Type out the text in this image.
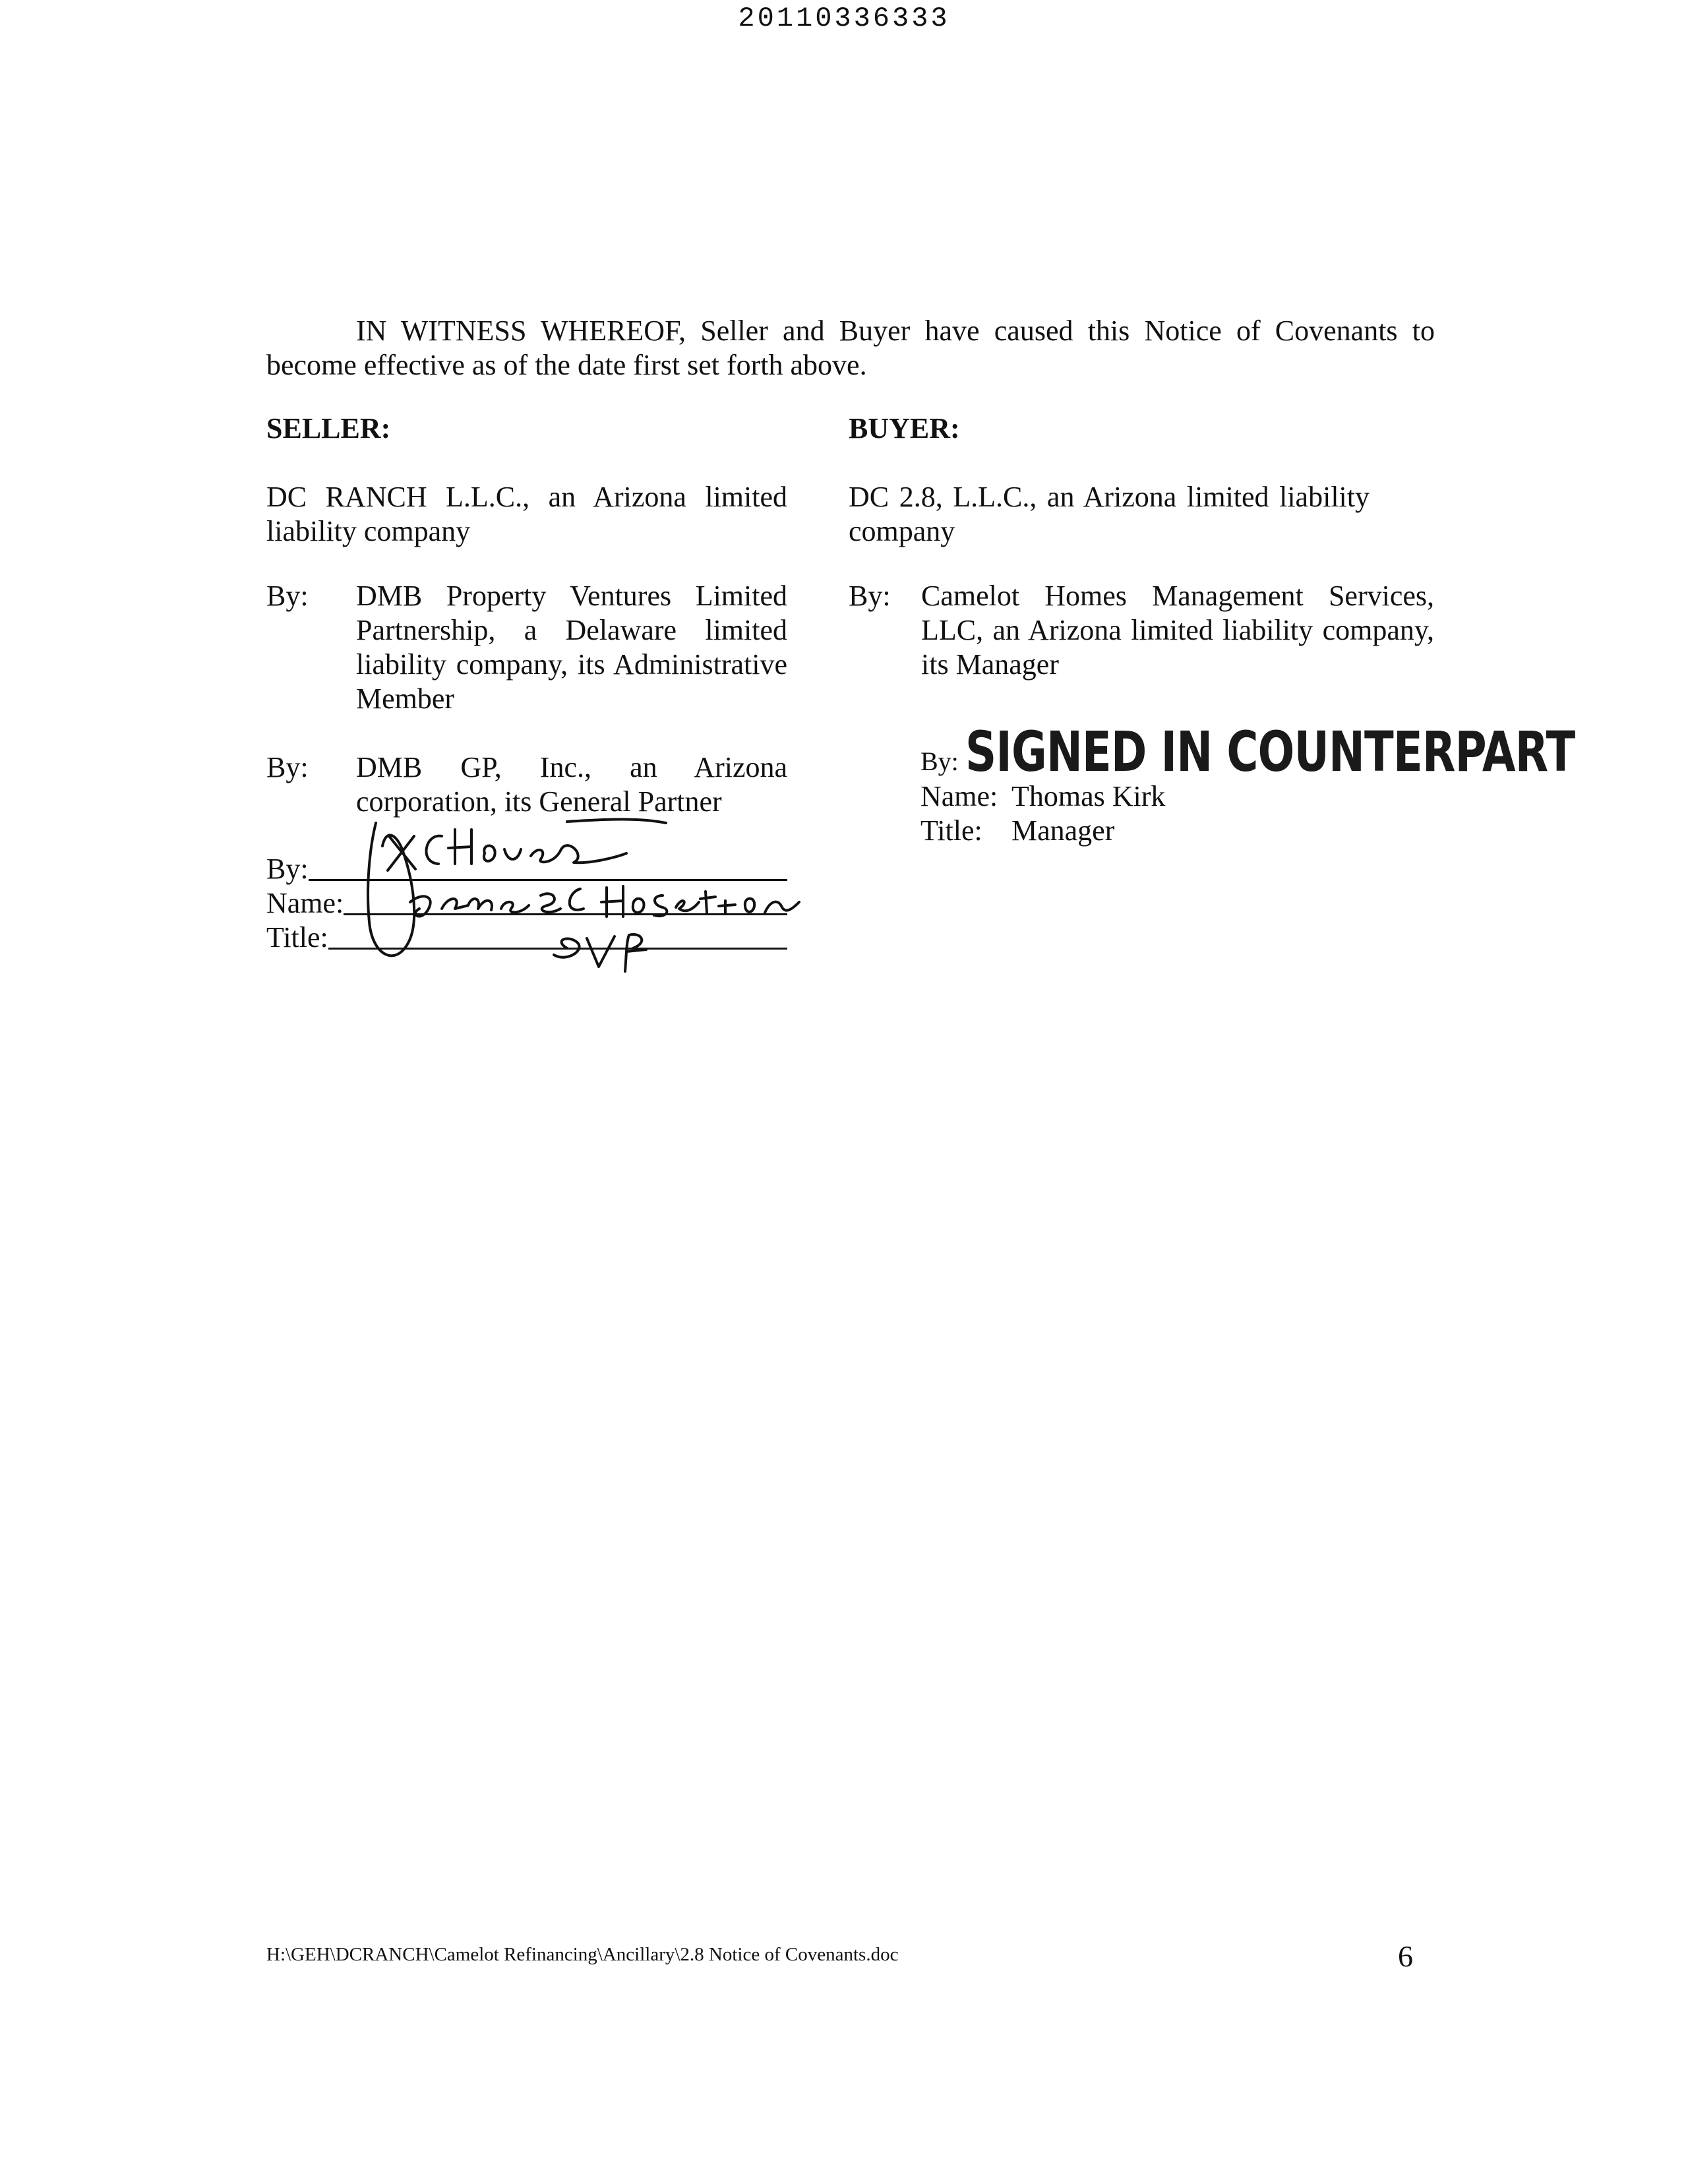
20110336333
IN WITNESS WHEREOF, Seller and Buyer have caused this Notice of Covenants to become effective as of the date first set forth above.
SELLER:	BUYER:
DC RANCH L.L.C., an Arizona limited liability company
DC 2.8, L.L.C., an Arizona limited liability company
By:	DMB Property Ventures Limited Partnership, a Delaware limited liability company, its Administrative Member
By:	DMB GP, Inc., an Arizona corporation, its General Partner
By:	Camelot Homes Management Services, LLC, an Arizona limited liability company, its Manager
By:
Name:
Title:
By: SIGNED IN COUNTERPART
Name: Thomas Kirk
Title:	Manager
H:\GEH\DCRANCH\Camelot Refinancing\Ancillary\2.8 Notice of Covenants.doc	6
